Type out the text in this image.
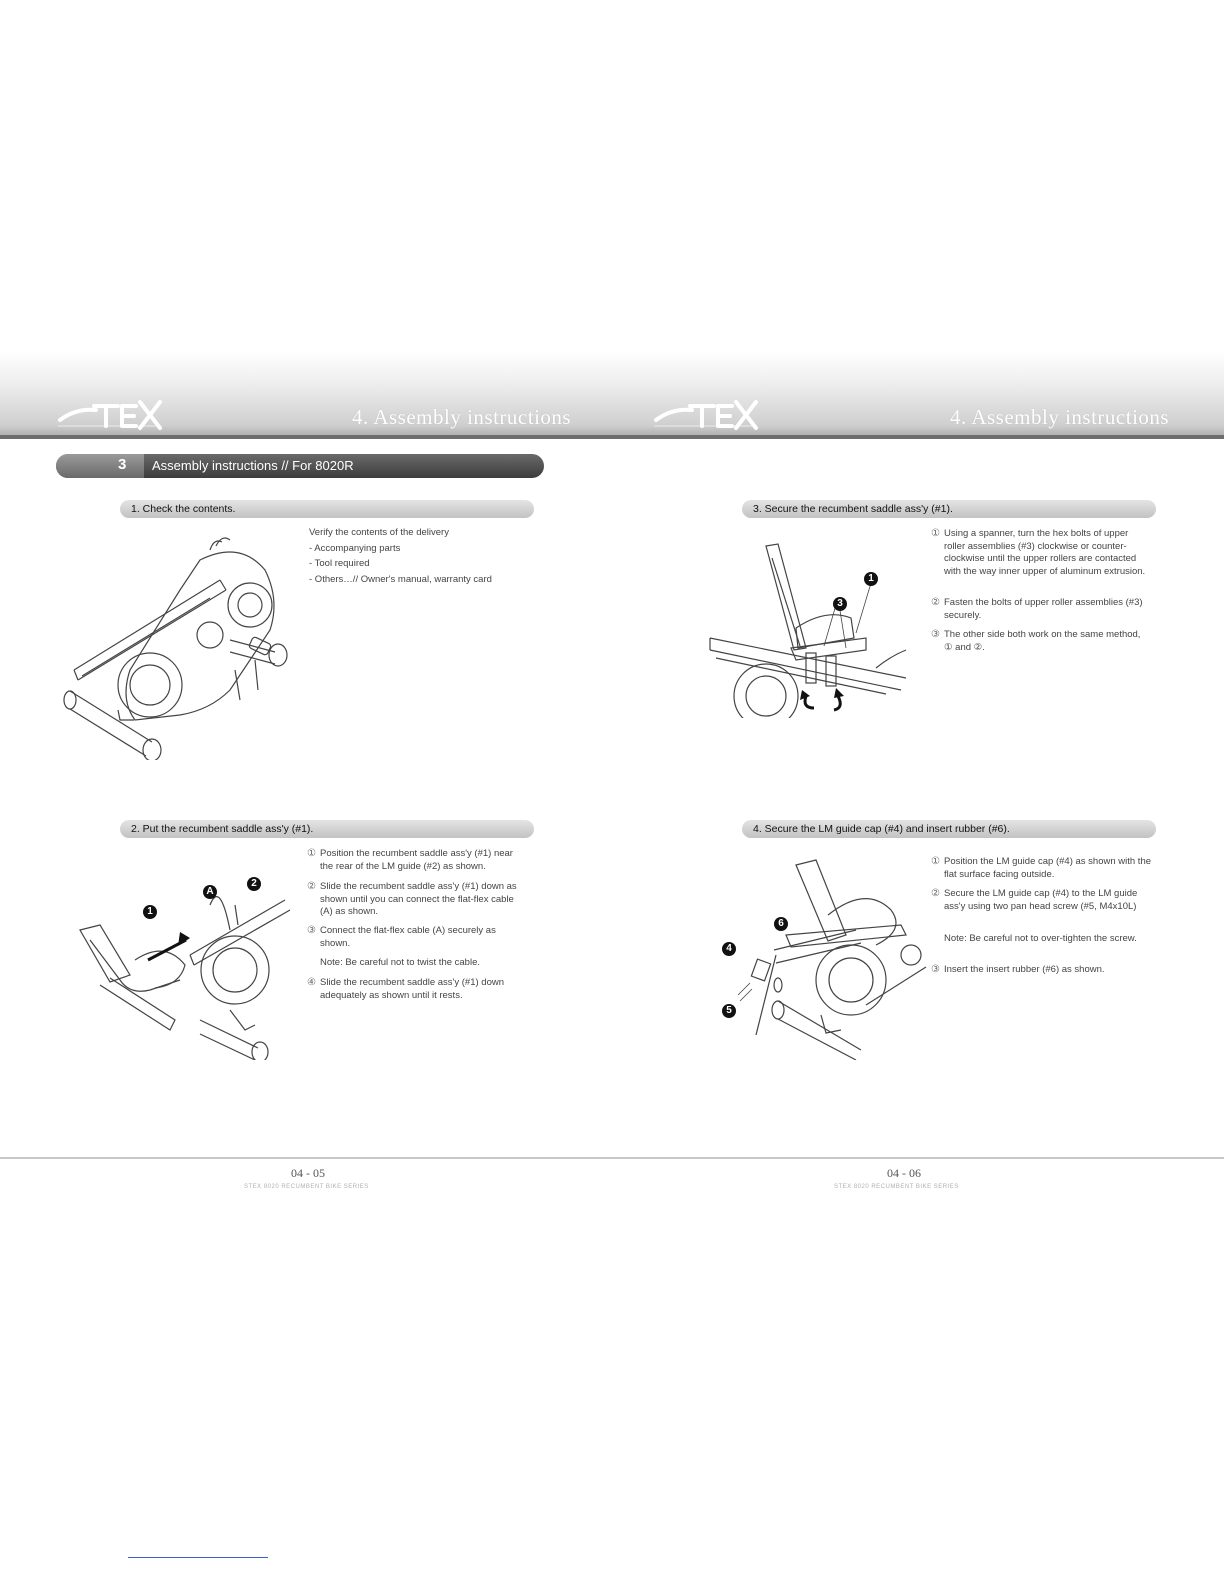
4. Assembly instructions	4. Assembly instructions
3 Assembly instructions // For 8020R
1. Check the contents.

Verify the contents of the delivery

- Accompanying parts

- Tool required

- Others…// Owner's manual, warranty card

2. Put the recumbent saddle ass'y (#1).
1
A
2
① Position the recumbent saddle ass'y (#1) near the rear of the LM guide (#2) as shown.
② Slide the recumbent saddle ass'y (#1) down as shown until you can connect the flat-flex cable (A) as shown.
③ Connect the flat-flex cable (A) securely as shown.
Note: Be careful not to twist the cable.
④ Slide the recumbent saddle ass'y (#1) down adequately as shown until it rests.
3. Secure the recumbent saddle ass'y (#1).
1
3
① Using a spanner, turn the hex bolts of upper roller assemblies (#3) clockwise or counter-clockwise until the upper rollers are contacted with the way inner upper of aluminum extrusion.
② Fasten the bolts of upper roller assemblies (#3) securely.
③ The other side both work on the same method, ① and ②.
4. Secure the LM guide cap (#4) and insert rubber (#6).
6
4
5
① Position the LM guide cap (#4) as shown with the flat surface facing outside.
② Secure the LM guide cap (#4) to the LM guide ass'y using two pan head screw (#5, M4x10L)
Note: Be careful not to over-tighten the screw.
③ Insert the insert rubber (#6) as shown.
04 - 05	04 - 06
STEX 8020 RECUMBENT BIKE SERIES	STEX 8020 RECUMBENT BIKE SERIES
